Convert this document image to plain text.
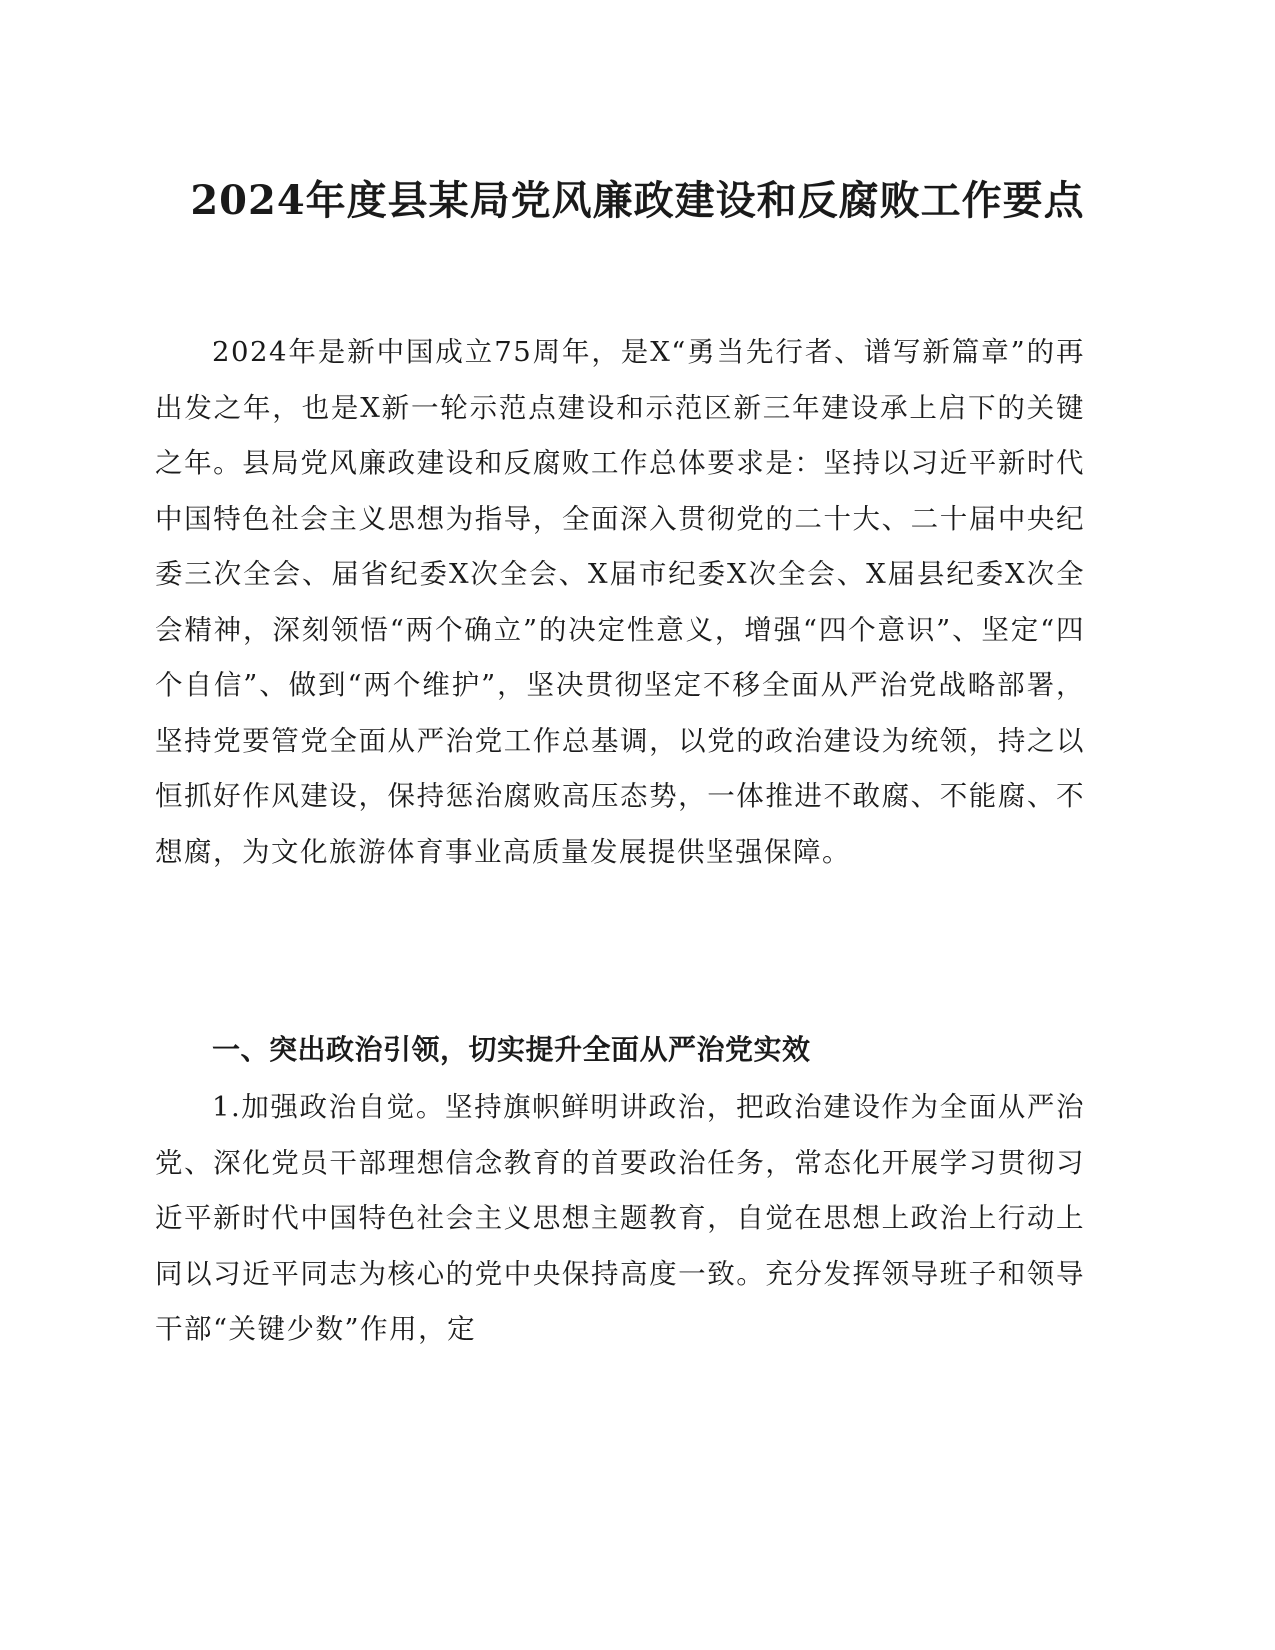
2024年度县某局党风廉政建设和反腐败工作要点

2024年是新中国成立75周年，是X“勇当先行者、谱写新篇章”的再出发之年，也是X新一轮示范点建设和示范区新三年建设承上启下的关键之年。县局党风廉政建设和反腐败工作总体要求是：坚持以习近平新时代中国特色社会主义思想为指导，全面深入贯彻党的二十大、二十届中央纪委三次全会、届省纪委X次全会、X届市纪委X次全会、X届县纪委X次全会精神，深刻领悟“两个确立”的决定性意义，增强“四个意识”、坚定“四个自信”、做到“两个维护”，坚决贯彻坚定不移全面从严治党战略部署，坚持党要管党全面从严治党工作总基调，以党的政治建设为统领，持之以恒抓好作风建设，保持惩治腐败高压态势，一体推进不敢腐、不能腐、不想腐，为文化旅游体育事业高质量发展提供坚强保障。

一、突出政治引领，切实提升全面从严治党实效

1.加强政治自觉。坚持旗帜鲜明讲政治，把政治建设作为全面从严治党、深化党员干部理想信念教育的首要政治任务，常态化开展学习贯彻习近平新时代中国特色社会主义思想主题教育，自觉在思想上政治上行动上同以习近平同志为核心的党中央保持高度一致。充分发挥领导班子和领导干部“关键少数”作用，定
